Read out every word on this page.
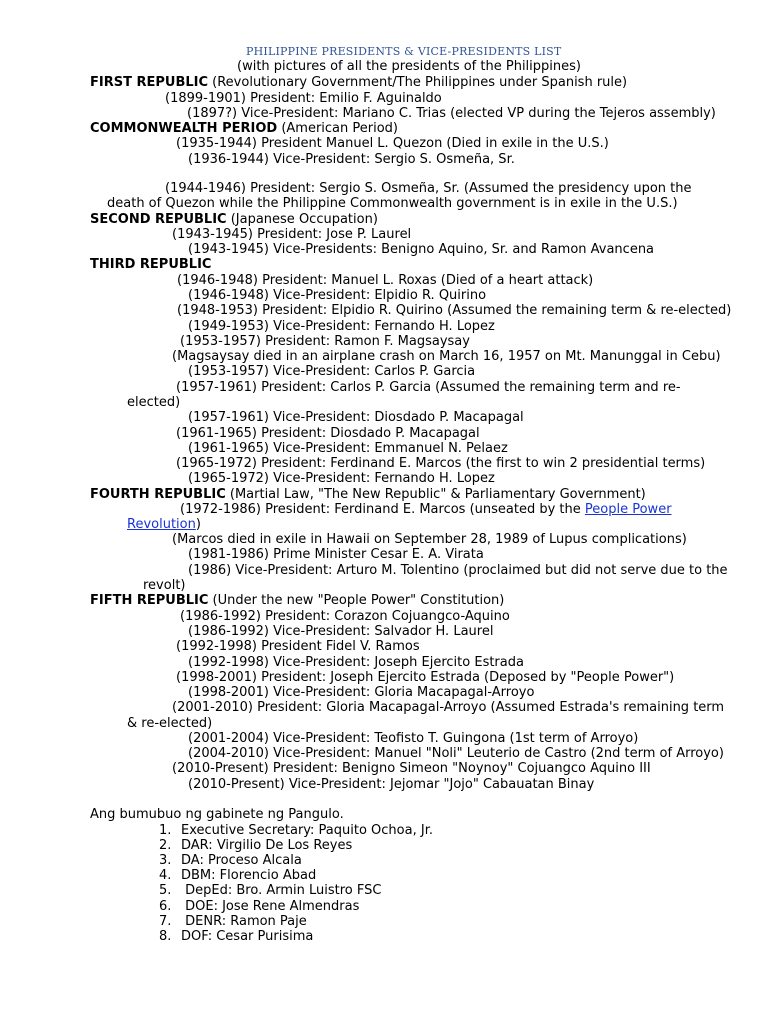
PHILIPPINE PRESIDENTS & VICE-PRESIDENTS LIST
(with pictures of all the presidents of the Philippines)
FIRST REPUBLIC (Revolutionary Government/The Philippines under Spanish rule)
(1899-1901) President: Emilio F. Aguinaldo
(1897?) Vice-President: Mariano C. Trias (elected VP during the Tejeros assembly)
COMMONWEALTH PERIOD (American Period)
(1935-1944) President Manuel L. Quezon (Died in exile in the U.S.)
(1936-1944) Vice-President: Sergio S. Osmeña, Sr.
(1944-1946) President: Sergio S. Osmeña, Sr. (Assumed the presidency upon the
death of Quezon while the Philippine Commonwealth government is in exile in the U.S.)
SECOND REPUBLIC (Japanese Occupation)
(1943-1945) President: Jose P. Laurel
(1943-1945) Vice-Presidents: Benigno Aquino, Sr. and Ramon Avancena
THIRD REPUBLIC
(1946-1948) President: Manuel L. Roxas (Died of a heart attack)
(1946-1948) Vice-President: Elpidio R. Quirino
(1948-1953) President: Elpidio R. Quirino (Assumed the remaining term & re-elected)
(1949-1953) Vice-President: Fernando H. Lopez
(1953-1957) President: Ramon F. Magsaysay
(Magsaysay died in an airplane crash on March 16, 1957 on Mt. Manunggal in Cebu)
(1953-1957) Vice-President: Carlos P. Garcia
(1957-1961) President: Carlos P. Garcia (Assumed the remaining term and re-
elected)
(1957-1961) Vice-President: Diosdado P. Macapagal
(1961-1965) President: Diosdado P. Macapagal
(1961-1965) Vice-President: Emmanuel N. Pelaez
(1965-1972) President: Ferdinand E. Marcos (the first to win 2 presidential terms)
(1965-1972) Vice-President: Fernando H. Lopez
FOURTH REPUBLIC (Martial Law, "The New Republic" & Parliamentary Government)
(1972-1986) President: Ferdinand E. Marcos (unseated by the People Power
Revolution)
(Marcos died in exile in Hawaii on September 28, 1989 of Lupus complications)
(1981-1986) Prime Minister Cesar E. A. Virata
(1986) Vice-President: Arturo M. Tolentino (proclaimed but did not serve due to the
revolt)
FIFTH REPUBLIC (Under the new "People Power" Constitution)
(1986-1992) President: Corazon Cojuangco-Aquino
(1986-1992) Vice-President: Salvador H. Laurel
(1992-1998) President Fidel V. Ramos
(1992-1998) Vice-President: Joseph Ejercito Estrada
(1998-2001) President: Joseph Ejercito Estrada (Deposed by "People Power")
(1998-2001) Vice-President: Gloria Macapagal-Arroyo
(2001-2010) President: Gloria Macapagal-Arroyo (Assumed Estrada's remaining term
& re-elected)
(2001-2004) Vice-President: Teofisto T. Guingona (1st term of Arroyo)
(2004-2010) Vice-President: Manuel "Noli" Leuterio de Castro (2nd term of Arroyo)
(2010-Present) President: Benigno Simeon "Noynoy" Cojuangco Aquino III
(2010-Present) Vice-President: Jejomar "Jojo" Cabauatan Binay
Ang bumubuo ng gabinete ng Pangulo.
1. Executive Secretary: Paquito Ochoa, Jr.
2. DAR: Virgilio De Los Reyes
3. DA: Proceso Alcala
4. DBM: Florencio Abad
5. DepEd: Bro. Armin Luistro FSC
6. DOE: Jose Rene Almendras
7. DENR: Ramon Paje
8. DOF: Cesar Purisima
